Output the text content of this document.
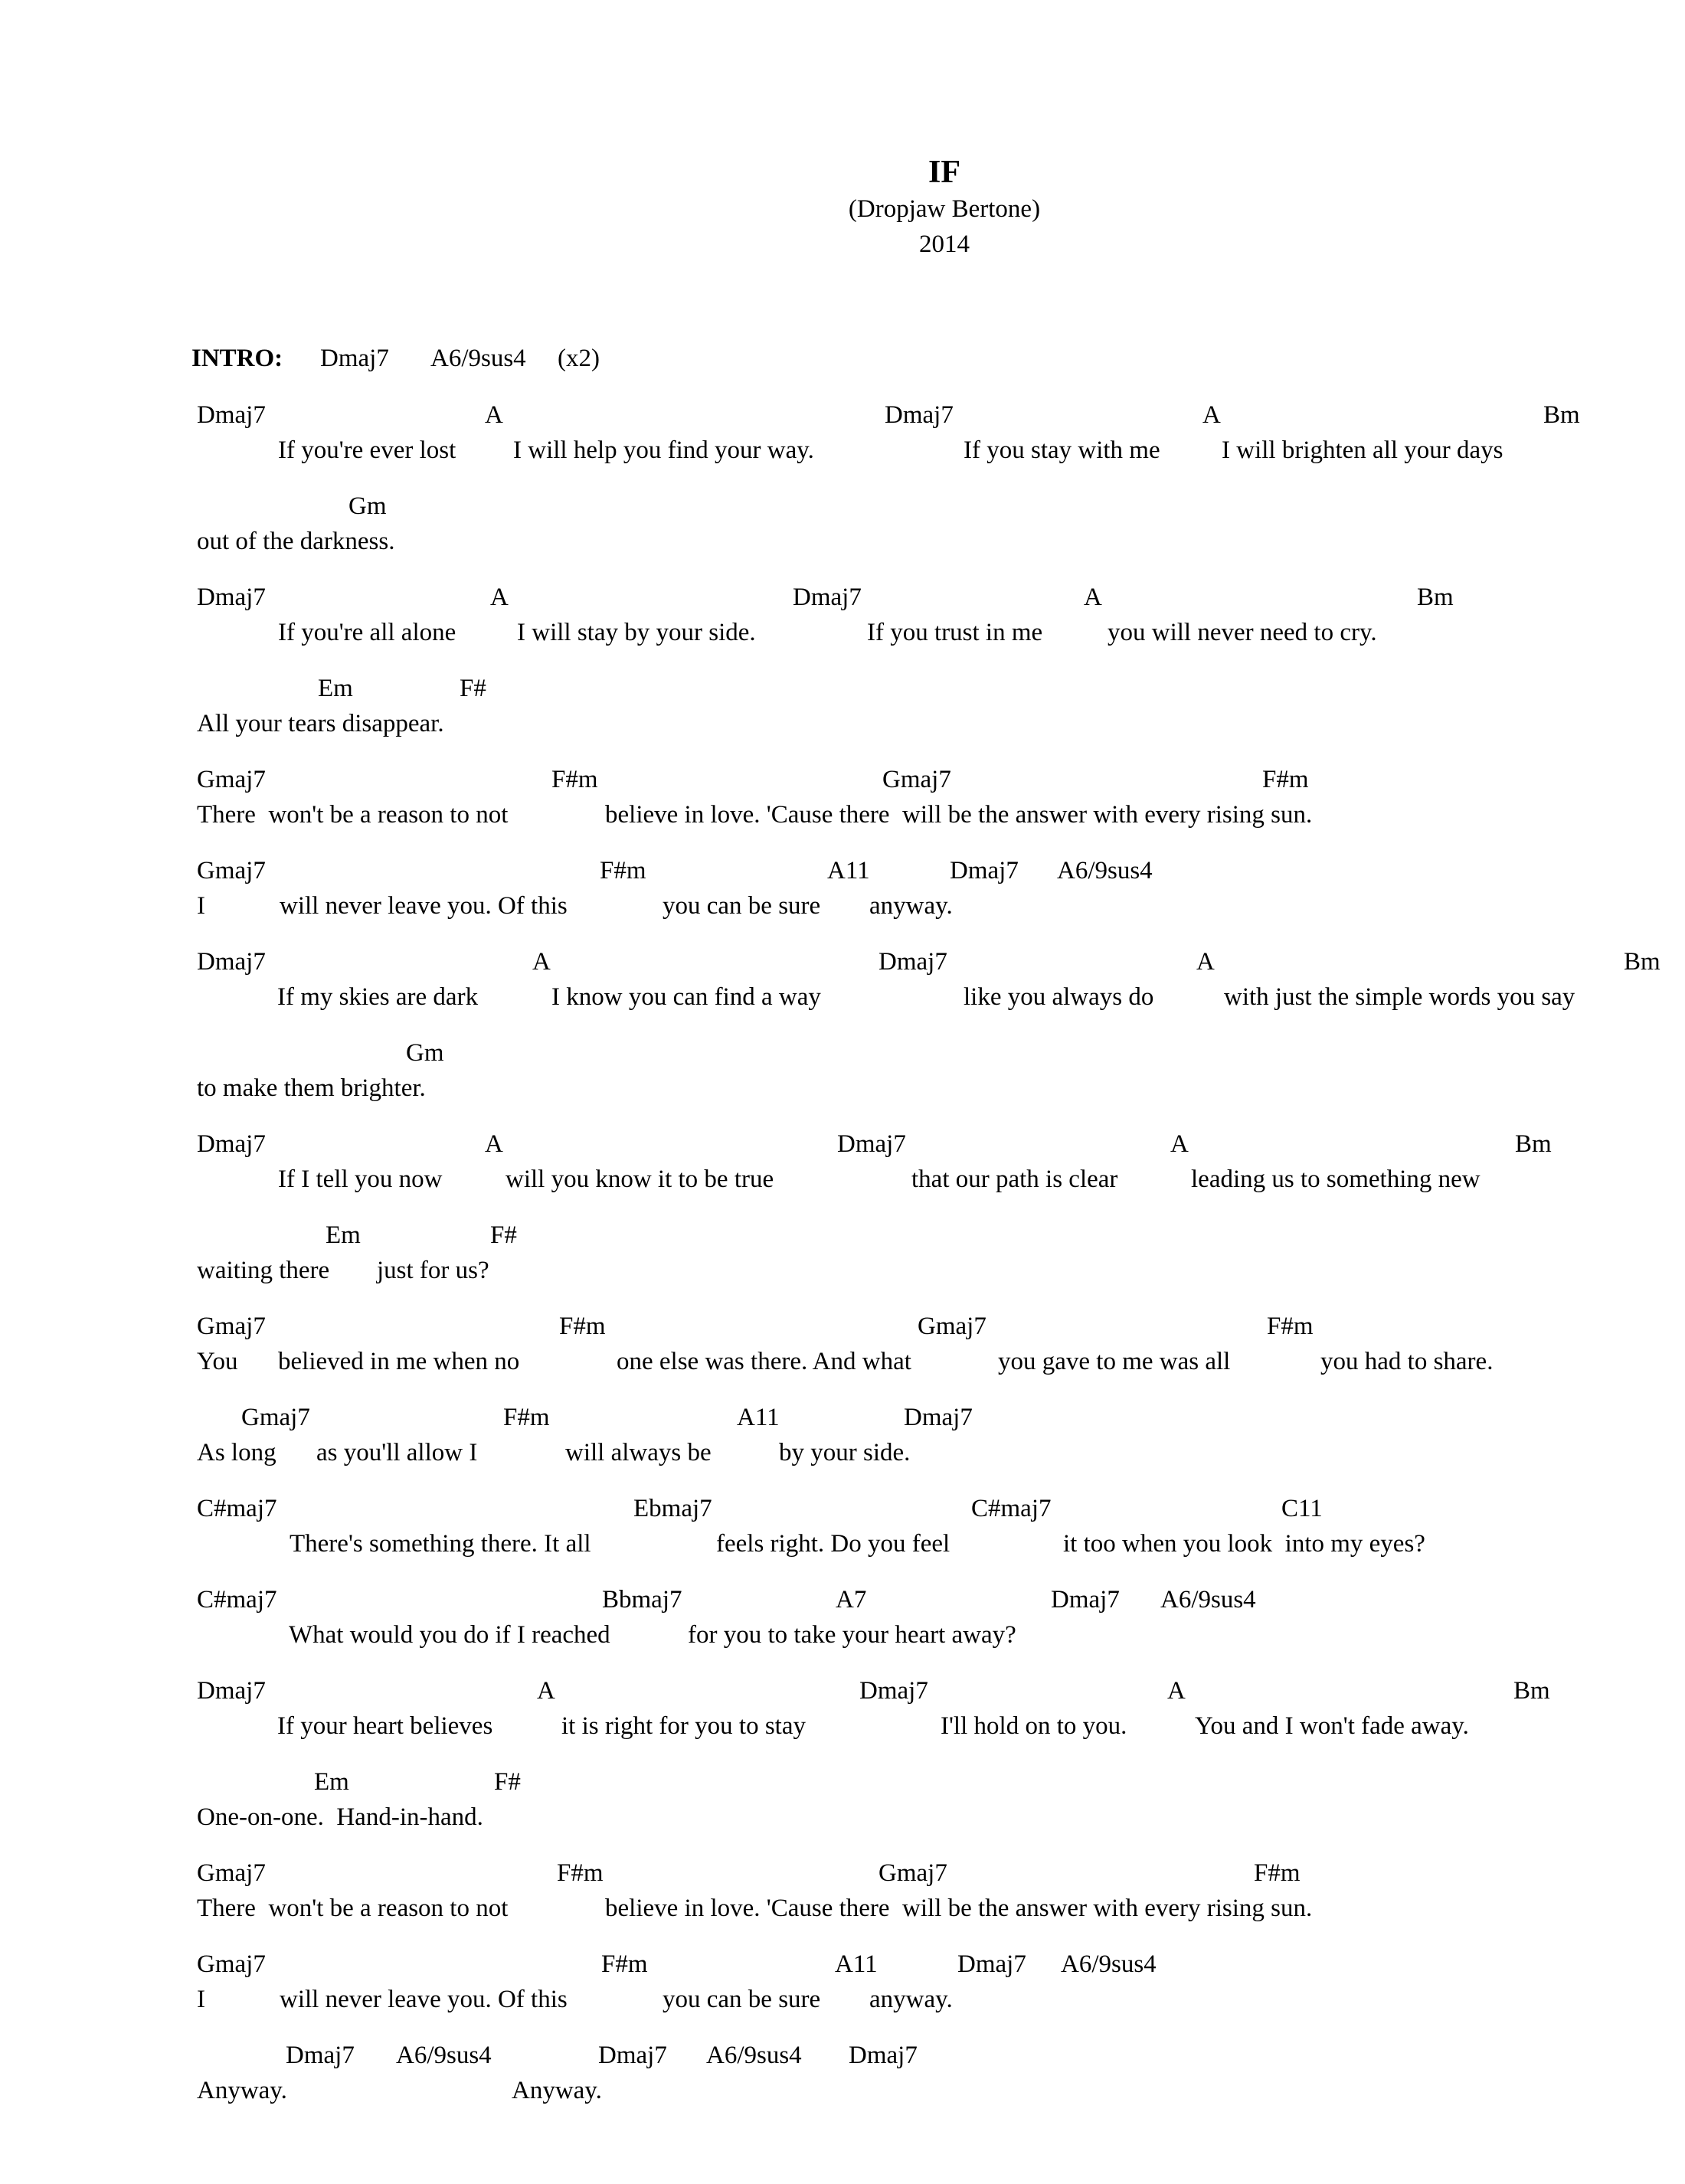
IF
(Dropjaw Bertone)
2014
INTRO: Dmaj7 A6/9sus4 (x2)
Dmaj7	A	Dmaj7	A	Bm
If you're ever lost I will help you find your way.	If you stay with me I will brighten all your days
Gm
out of the darkness.
Dmaj7	A	Dmaj7	A	Bm
If you're all alone I will stay by your side.	If you trust in me	you will never need to cry.
Em	F#
All your tears disappear.
Gmaj7	F#m	Gmaj7	F#m
There  won't be a reason to not	believe in love. 'Cause there  will be the answer with every rising sun.
Gmaj7	F#m	A11	Dmaj7 A6/9sus4
I	will never leave you. Of this	you can be sure anyway.
Dmaj7	A	Dmaj7	A	Bm
If my skies are dark	I know you can find a way	like you always do	with just the simple words you say
Gm
to make them brighter.
Dmaj7	A	Dmaj7	A	Bm
If I tell you now	will you know it to be true	that our path is clear	leading us to something new
Em	F#
waiting there just for us?
Gmaj7	F#m	Gmaj7	F#m
You believed in me when no	one else was there. And what	you gave to me was all	you had to share.
Gmaj7	F#m	A11	Dmaj7
As long as you'll allow I	will always be	by your side.
C#maj7	Ebmaj7	C#maj7	C11
There's something there. It all	feels right. Do you feel	it too when you look  into my eyes?
C#maj7	Bbmaj7	A7	Dmaj7 A6/9sus4
What would you do if I reached	for you to take your heart away?
Dmaj7	A	Dmaj7	A	Bm
If your heart believes	it is right for you to stay	I'll hold on to you.	You and I won't fade away.
Em	F#
One-on-one.  Hand-in-hand.
Gmaj7	F#m	Gmaj7	F#m
There  won't be a reason to not	believe in love. 'Cause there  will be the answer with every rising sun.
Gmaj7	F#m	A11	Dmaj7 A6/9sus4
I	will never leave you. Of this	you can be sure anyway.
Dmaj7 A6/9sus4	Dmaj7 A6/9sus4 Dmaj7
Anyway.	Anyway.
